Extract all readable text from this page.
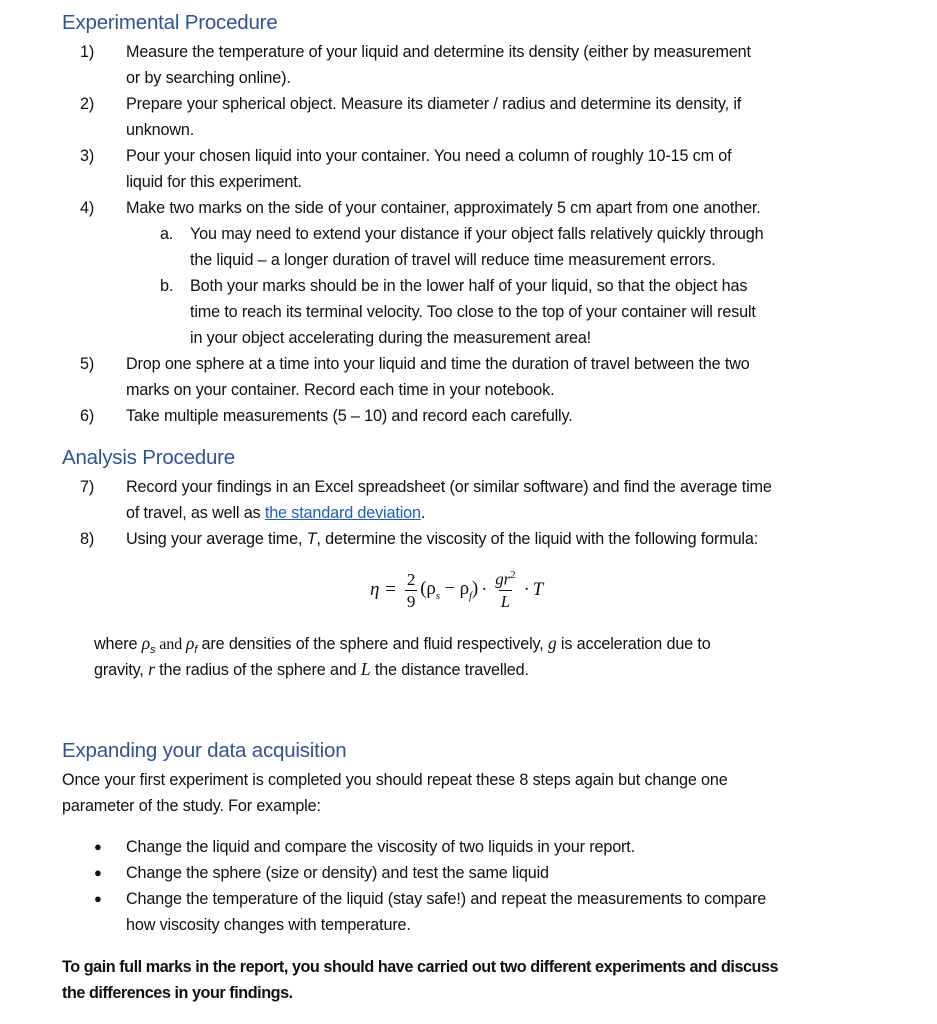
Experimental Procedure
1) Measure the temperature of your liquid and determine its density (either by measurement
or by searching online).
2) Prepare your spherical object. Measure its diameter / radius and determine its density, if
unknown.
3) Pour your chosen liquid into your container. You need a column of roughly 10-15 cm of
liquid for this experiment.
4) Make two marks on the side of your container, approximately 5 cm apart from one another.
a. You may need to extend your distance if your object falls relatively quickly through
the liquid – a longer duration of travel will reduce time measurement errors.
b. Both your marks should be in the lower half of your liquid, so that the object has
time to reach its terminal velocity. Too close to the top of your container will result
in your object accelerating during the measurement area!
5) Drop one sphere at a time into your liquid and time the duration of travel between the two
marks on your container. Record each time in your notebook.
6) Take multiple measurements (5 – 10) and record each carefully.
Analysis Procedure
7) Record your findings in an Excel spreadsheet (or similar software) and find the average time
of travel, as well as the standard deviation.
8) Using your average time, T, determine the viscosity of the liquid with the following formula:
$\eta = \frac{2}{9} (\rho_s - \rho_f) \cdot \frac{gr^2}{L} \cdot T$
where $\rho_s$ and $\rho_f$ are densities of the sphere and fluid respectively, g is acceleration due to
gravity, r the radius of the sphere and L the distance travelled.
Expanding your data acquisition
Once your first experiment is completed you should repeat these 8 steps again but change one
parameter of the study. For example:
● Change the liquid and compare the viscosity of two liquids in your report.
● Change the sphere (size or density) and test the same liquid
● Change the temperature of the liquid (stay safe!) and repeat the measurements to compare
how viscosity changes with temperature.
To gain full marks in the report, you should have carried out two different experiments and discuss
the differences in your findings.
